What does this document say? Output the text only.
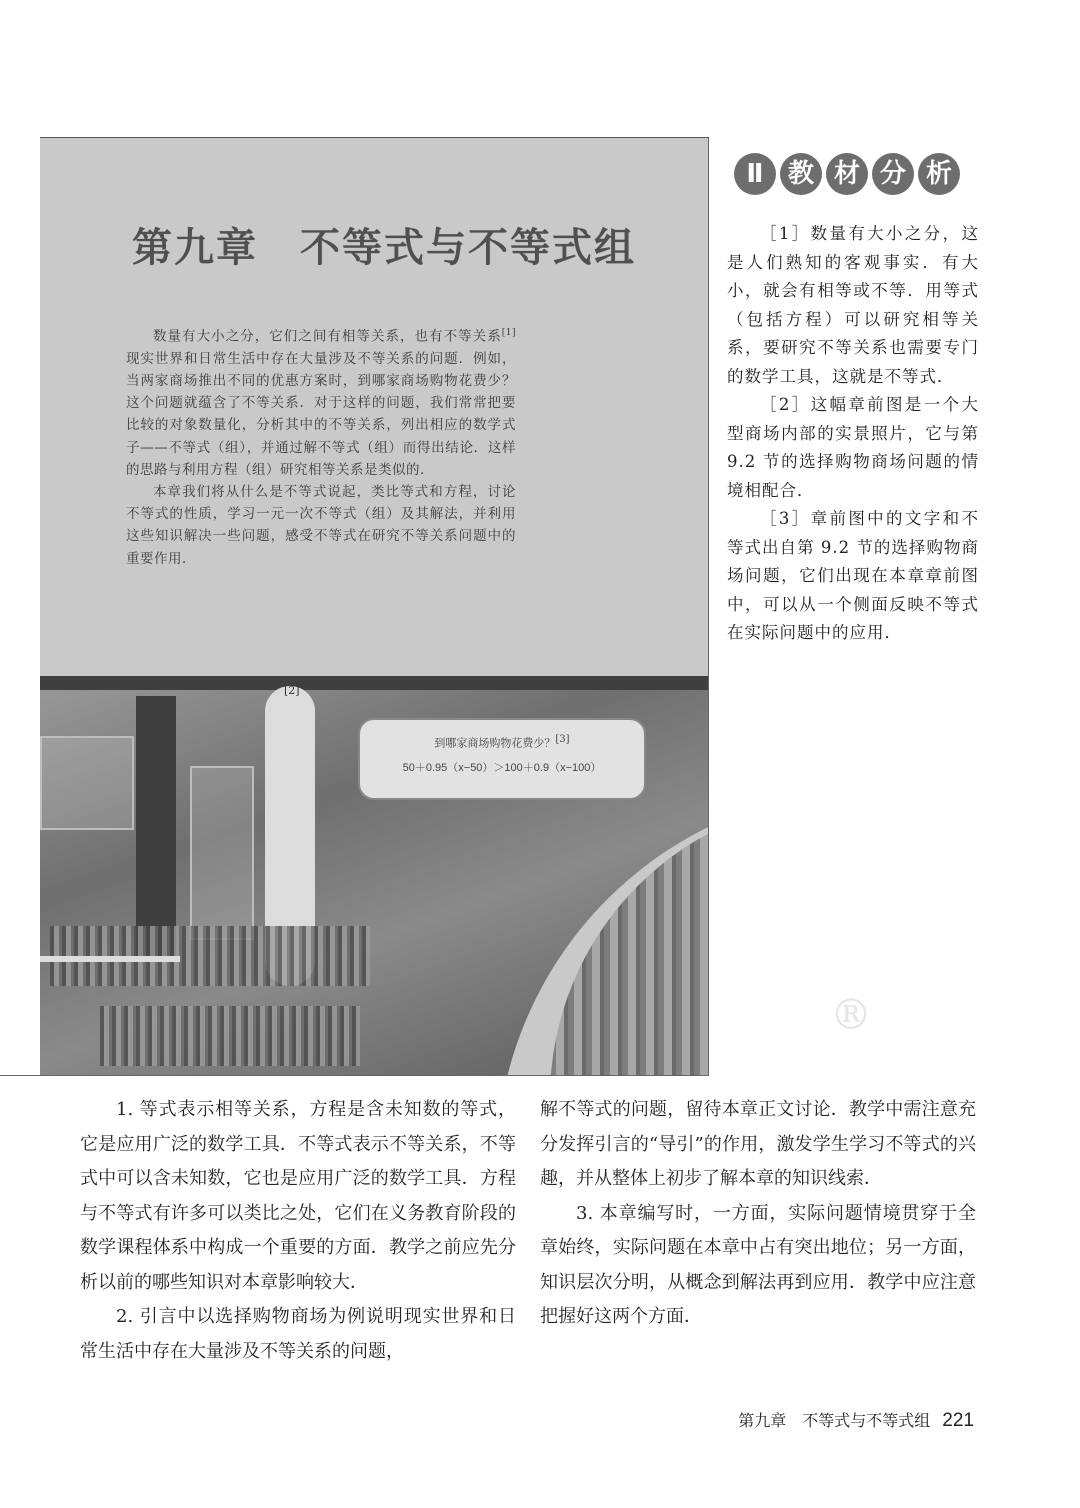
第九章　不等式与不等式组

数量有大小之分，它们之间有相等关系，也有不等关系[1]现实世界和日常生活中存在大量涉及不等关系的问题．例如，当两家商场推出不同的优惠方案时，到哪家商场购物花费少？这个问题就蕴含了不等关系．对于这样的问题，我们常常把要比较的对象数量化，分析其中的不等关系，列出相应的数学式子——不等式（组），并通过解不等式（组）而得出结论．这样的思路与利用方程（组）研究相等关系是类似的．

本章我们将从什么是不等式说起，类比等式和方程，讨论不等式的性质，学习一元一次不等式（组）及其解法，并利用这些知识解决一些问题，感受不等式在研究不等关系问题中的重要作用．

[2]
到哪家商场购物花费少？[3]
50＋0.95（x−50）＞100＋0.9（x−100）
Ⅱ 教 材 分 析

［1］数量有大小之分，这是人们熟知的客观事实．有大小，就会有相等或不等．用等式（包括方程）可以研究相等关系，要研究不等关系也需要专门的数学工具，这就是不等式．

［2］这幅章前图是一个大型商场内部的实景照片，它与第 9.2 节的选择购物商场问题的情境相配合．

［3］章前图中的文字和不等式出自第 9.2 节的选择购物商场问题，它们出现在本章章前图中，可以从一个侧面反映不等式在实际问题中的应用．

®

1. 等式表示相等关系，方程是含未知数的等式，它是应用广泛的数学工具．不等式表示不等关系，不等式中可以含未知数，它也是应用广泛的数学工具．方程与不等式有许多可以类比之处，它们在义务教育阶段的数学课程体系中构成一个重要的方面．教学之前应先分析以前的哪些知识对本章影响较大．

2. 引言中以选择购物商场为例说明现实世界和日常生活中存在大量涉及不等关系的问题，

解不等式的问题，留待本章正文讨论．教学中需注意充分发挥引言的“导引”的作用，激发学生学习不等式的兴趣，并从整体上初步了解本章的知识线索．

3. 本章编写时，一方面，实际问题情境贯穿于全章始终，实际问题在本章中占有突出地位；另一方面，知识层次分明，从概念到解法再到应用．教学中应注意把握好这两个方面．

第九章　不等式与不等式组 221
